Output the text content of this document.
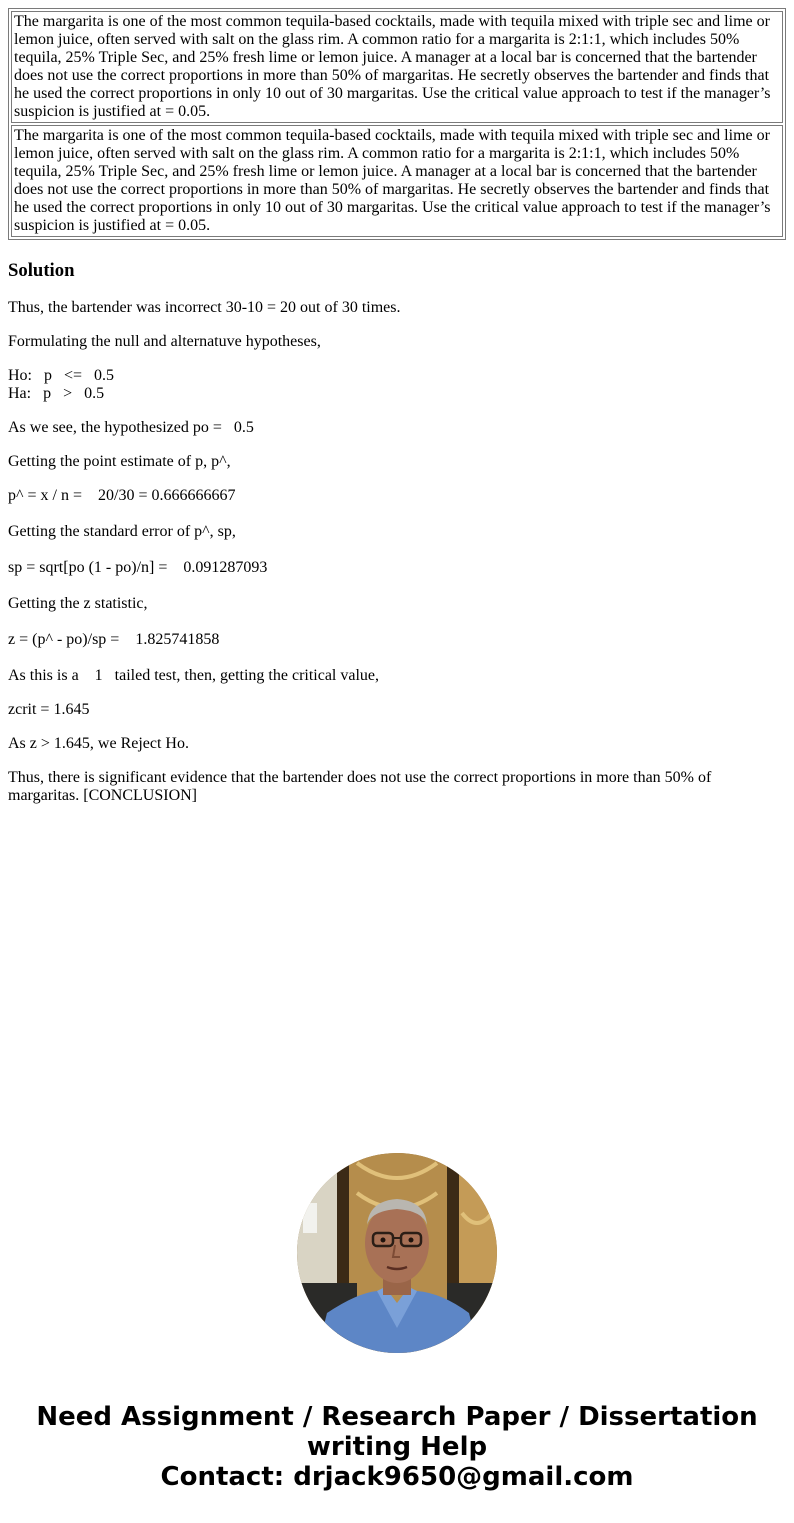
The margarita is one of the most common tequila-based cocktails, made with tequila mixed with triple sec and lime or lemon juice, often served with salt on the glass rim. A common ratio for a margarita is 2:1:1, which includes 50% tequila, 25% Triple Sec, and 25% fresh lime or lemon juice. A manager at a local bar is concerned that the bartender does not use the correct proportions in more than 50% of margaritas. He secretly observes the bartender and finds that he used the correct proportions in only 10 out of 30 margaritas. Use the critical value approach to test if the manager’s suspicion is justified at = 0.05.
The margarita is one of the most common tequila-based cocktails, made with tequila mixed with triple sec and lime or lemon juice, often served with salt on the glass rim. A common ratio for a margarita is 2:1:1, which includes 50% tequila, 25% Triple Sec, and 25% fresh lime or lemon juice. A manager at a local bar is concerned that the bartender does not use the correct proportions in more than 50% of margaritas. He secretly observes the bartender and finds that he used the correct proportions in only 10 out of 30 margaritas. Use the critical value approach to test if the manager’s suspicion is justified at = 0.05.
Solution

Thus, the bartender was incorrect 30-10 = 20 out of 30 times.

Formulating the null and alternatuve hypotheses,

Ho:   p   <=   0.5
Ha:   p   >   0.5

As we see, the hypothesized po =   0.5

Getting the point estimate of p, p^,

p^ = x / n =    20/30 = 0.666666667

Getting the standard error of p^, sp,

sp = sqrt[po (1 - po)/n] =    0.091287093

Getting the z statistic,

z = (p^ - po)/sp =    1.825741858

As this is a    1   tailed test, then, getting the critical value,

zcrit = 1.645

As z > 1.645, we Reject Ho.

Thus, there is significant evidence that the bartender does not use the correct proportions in more than 50% of margaritas. [CONCLUSION]

Need Assignment / Research Paper / Dissertation
writing Help
Contact: drjack9650@gmail.com
